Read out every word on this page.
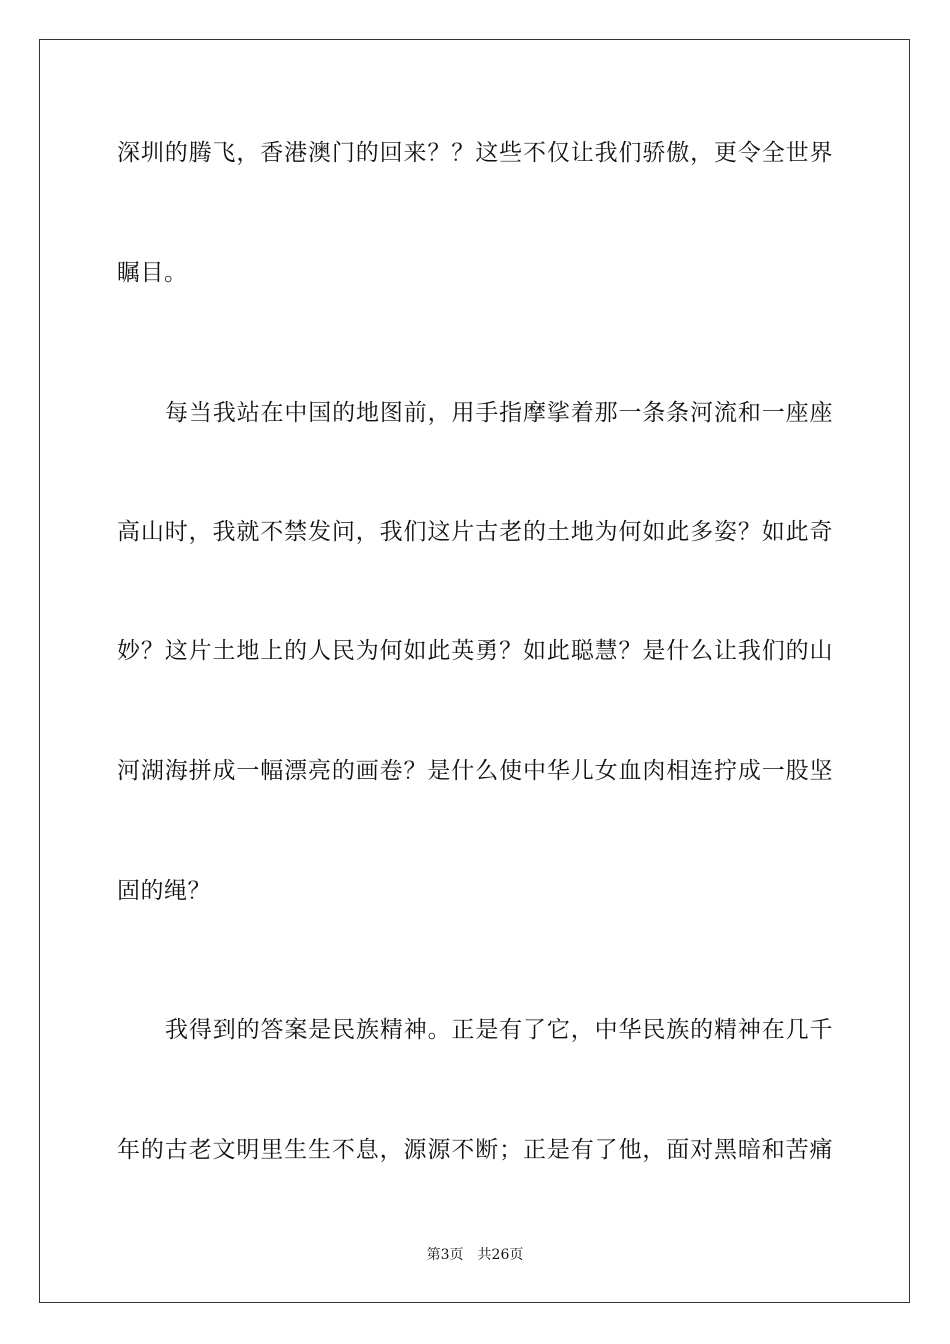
深圳的腾飞，香港澳门的回来？？这些不仅让我们骄傲，更令全世界
瞩目。
每当我站在中国的地图前，用手指摩挲着那一条条河流和一座座
高山时，我就不禁发问，我们这片古老的土地为何如此多姿？如此奇
妙？这片土地上的人民为何如此英勇？如此聪慧？是什么让我们的山
河湖海拼成一幅漂亮的画卷？是什么使中华儿女血肉相连拧成一股坚
固的绳？
我得到的答案是民族精神。正是有了它，中华民族的精神在几千
年的古老文明里生生不息，源源不断；正是有了他，面对黑暗和苦痛
第3页 共26页
